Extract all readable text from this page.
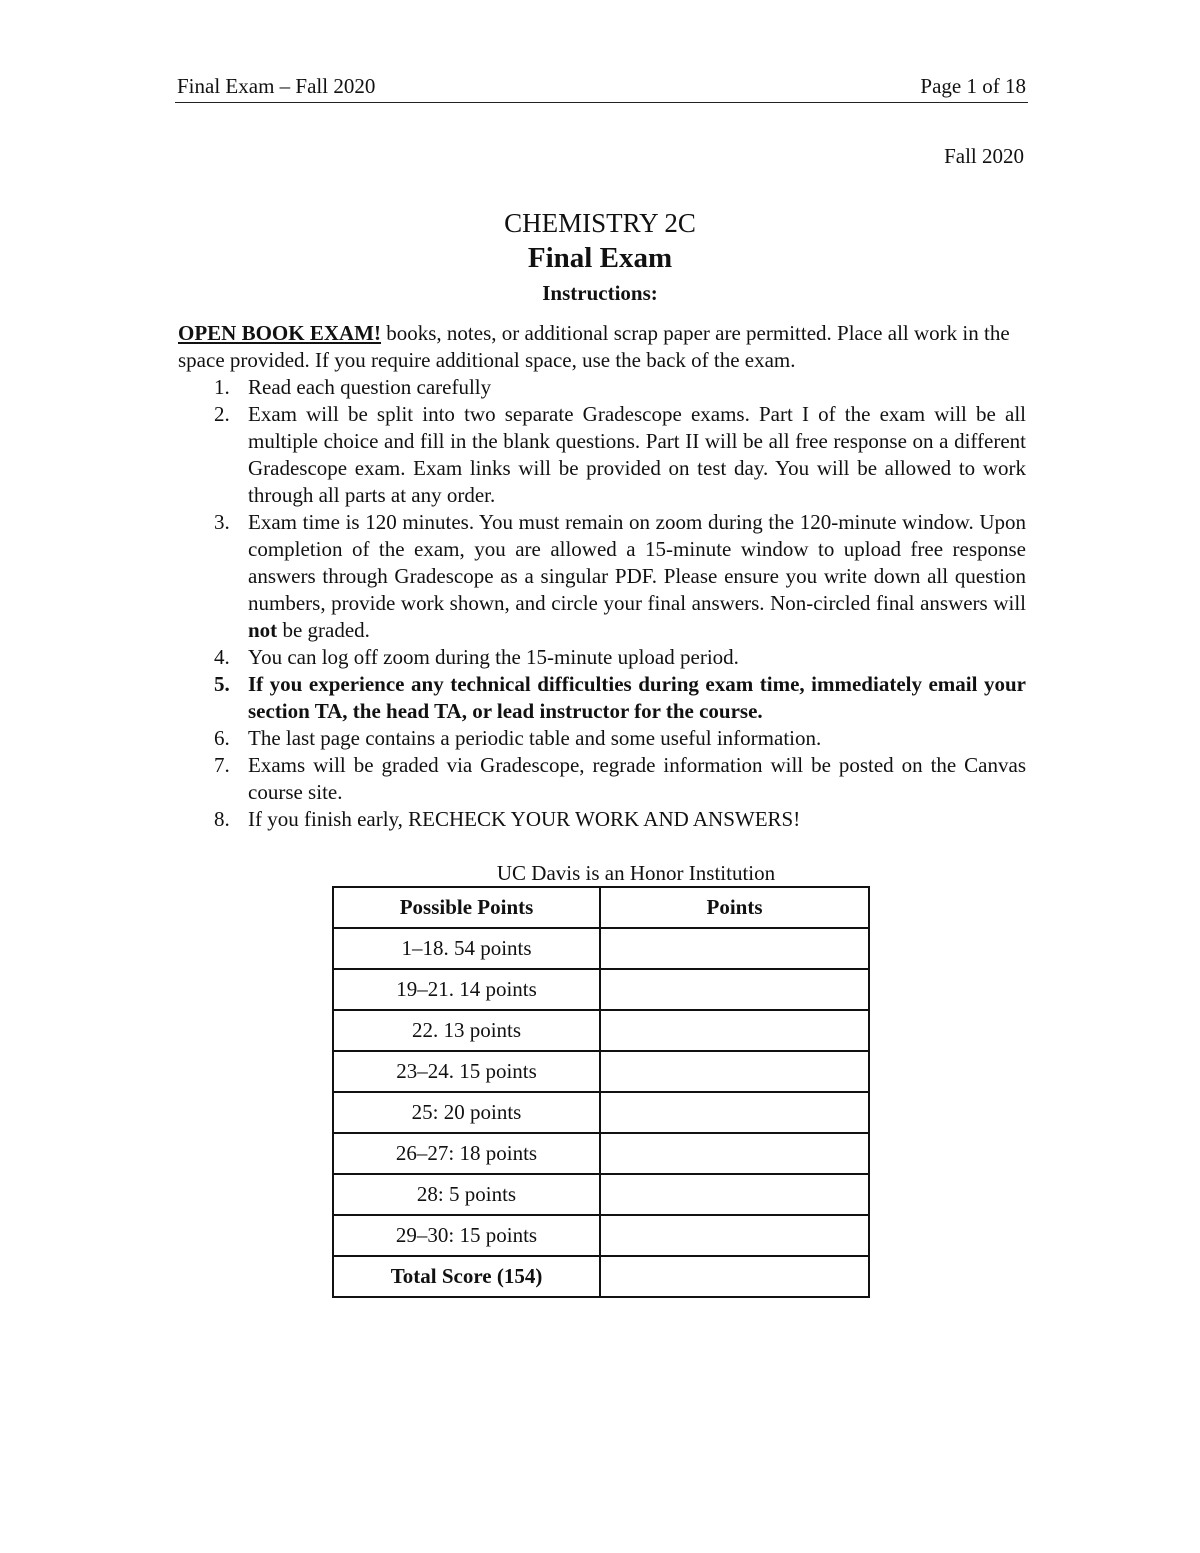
Final Exam – Fall 2020	Page 1 of 18
Fall 2020
CHEMISTRY 2C
Final Exam
Instructions:
OPEN BOOK EXAM! books, notes, or additional scrap paper are permitted. Place all work in the space provided. If you require additional space, use the back of the exam.
1. Read each question carefully
2. Exam will be split into two separate Gradescope exams. Part I of the exam will be all multiple choice and fill in the blank questions. Part II will be all free response on a different Gradescope exam. Exam links will be provided on test day. You will be allowed to work through all parts at any order.
3. Exam time is 120 minutes. You must remain on zoom during the 120-minute window. Upon completion of the exam, you are allowed a 15-minute window to upload free response answers through Gradescope as a singular PDF. Please ensure you write down all question numbers, provide work shown, and circle your final answers. Non-circled final answers will not be graded.
4. You can log off zoom during the 15-minute upload period.
5. If you experience any technical difficulties during exam time, immediately email your section TA, the head TA, or lead instructor for the course.
6. The last page contains a periodic table and some useful information.
7. Exams will be graded via Gradescope, regrade information will be posted on the Canvas course site.
8. If you finish early, RECHECK YOUR WORK AND ANSWERS!
UC Davis is an Honor Institution
Possible Points	Points
1–18. 54 points	
19–21. 14 points	
22. 13 points	
23–24. 15 points	
25: 20 points	
26–27: 18 points	
28: 5 points	
29–30: 15 points	
Total Score (154)	
